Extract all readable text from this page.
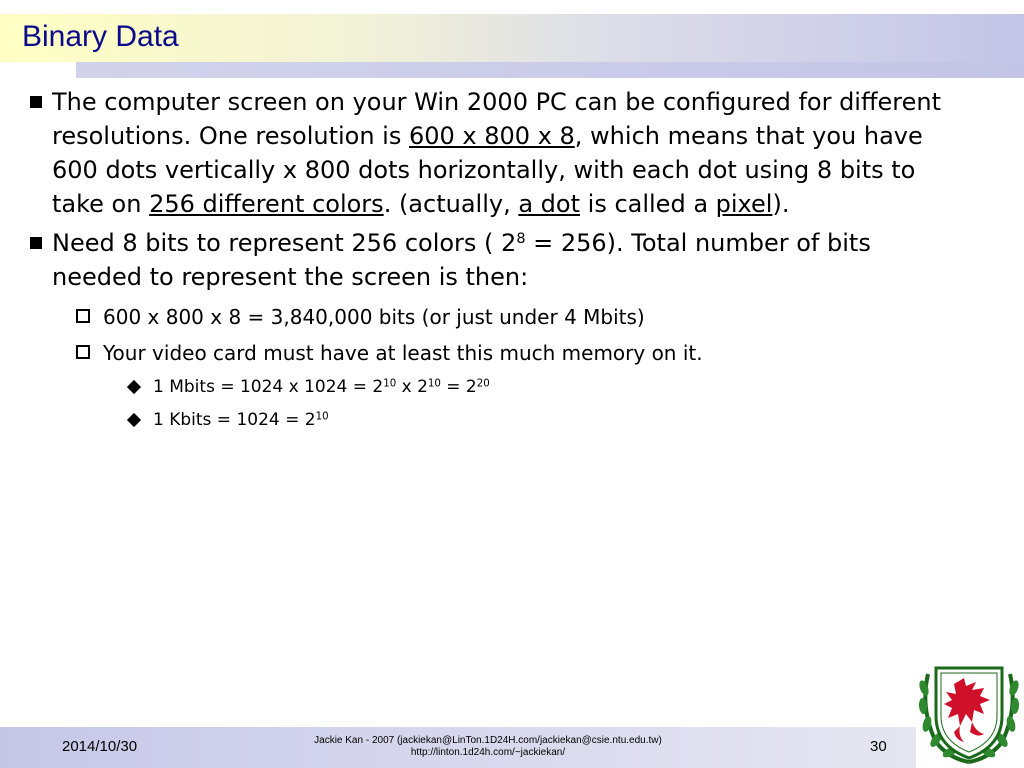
Binary Data
The computer screen on your Win 2000 PC can be configured for different
resolutions. One resolution is 600 x 800 x 8, which means that you have
600 dots vertically x 800 dots horizontally, with each dot using 8 bits to
take on 256 different colors. (actually, a dot is called a pixel).
Need 8 bits to represent 256 colors ( $2^8 = 256$). Total number of bits
needed to represent the screen is then:
600 x 800 x 8 = 3,840,000 bits (or just under 4 Mbits)
Your video card must have at least this much memory on it.
1 Mbits = 1024 x $1024 = 2^{10}$ x $2^{10} = 2^{20}$
1 Kbits = $1024 = 2^{10}$
2014/10/30	Jackie Kan - 2007 (jackiekan@LinTon.1D24H.com/jackiekan@csie.ntu.edu.tw)
http://linton.1d24h.com/~jackiekan/	30
